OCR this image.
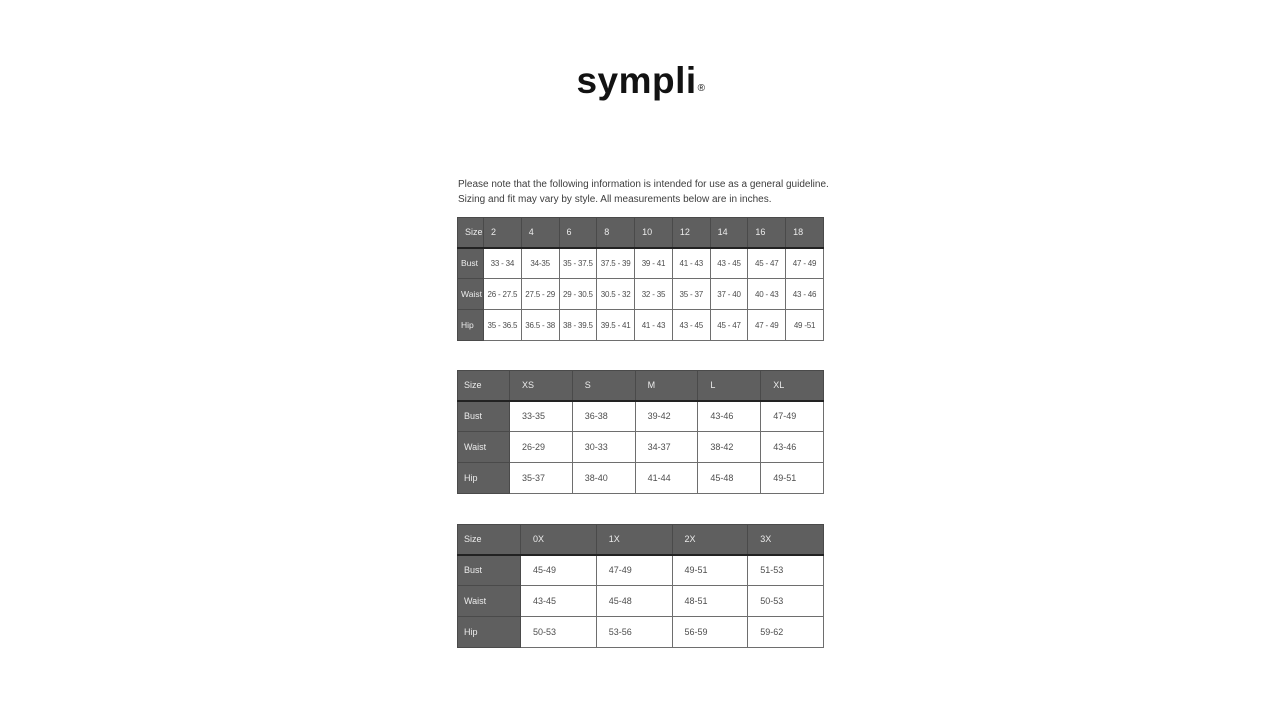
sympli®
Please note that the following information is intended for use as a general guideline.
Sizing and fit may vary by style. All measurements below are in inches.
Size	2	4	6	8	10	12	14	16	18
Bust	33 - 34	34-35	35 - 37.5	37.5 - 39	39 - 41	41 - 43	43 - 45	45 - 47	47 - 49
Waist	26 - 27.5	27.5 - 29	29 - 30.5	30.5 - 32	32 - 35	35 - 37	37 - 40	40 - 43	43 - 46
Hip	35 - 36.5	36.5 - 38	38 - 39.5	39.5 - 41	41 - 43	43 - 45	45 - 47	47 - 49	49 -51
Size	XS	S	M	L	XL
Bust	33-35	36-38	39-42	43-46	47-49
Waist	26-29	30-33	34-37	38-42	43-46
Hip	35-37	38-40	41-44	45-48	49-51
Size	0X	1X	2X	3X
Bust	45-49	47-49	49-51	51-53
Waist	43-45	45-48	48-51	50-53
Hip	50-53	53-56	56-59	59-62
